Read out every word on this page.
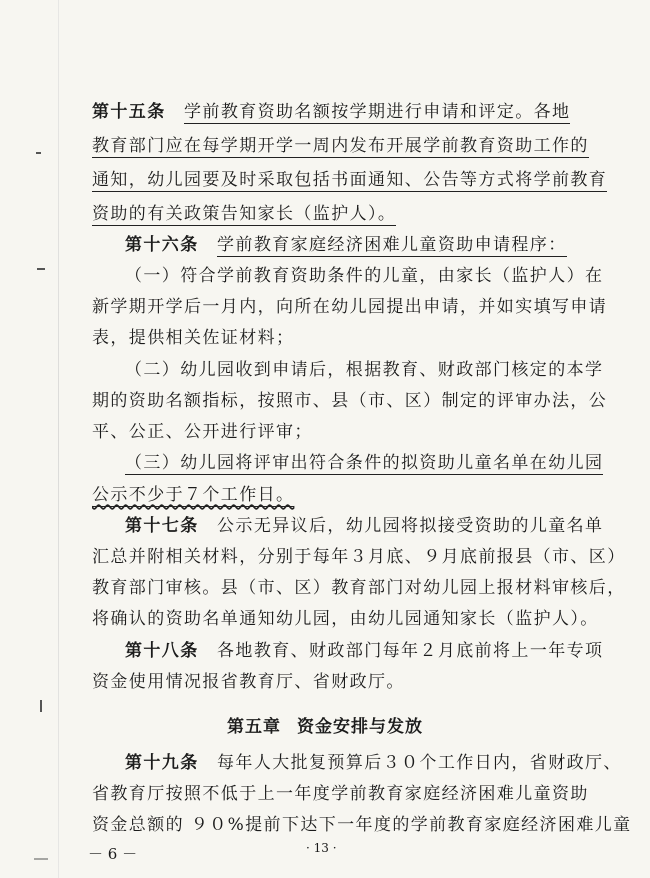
第十五条　 学前教育资助名额按学期进行申请和评定。各地
教育部门应在每学期开学一周内发布开展学前教育资助工作的
通知，幼儿园要及时采取包括书面通知、公告等方式将学前教育
资助的有关政策告知家长（监护人）。
第十六条　 学前教育家庭经济困难儿童资助申请程序：
（一）符合学前教育资助条件的儿童，由家长（监护人）在
新学期开学后一月内，向所在幼儿园提出申请，并如实填写申请
表，提供相关佐证材料；
（二）幼儿园收到申请后，根据教育、财政部门核定的本学
期的资助名额指标，按照市、县（市、区）制定的评审办法，公
平、公正、公开进行评审；
（三）幼儿园将评审出符合条件的拟资助儿童名单在幼儿园
公示不少于７个工作日。
第十七条　 公示无异议后，幼儿园将拟接受资助的儿童名单
汇总并附相关材料，分别于每年３月底、９月底前报县（市、区）
教育部门审核。县（市、区）教育部门对幼儿园上报材料审核后，
将确认的资助名单通知幼儿园，由幼儿园通知家长（监护人）。
第十八条　 各地教育、财政部门每年２月底前将上一年专项
资金使用情况报省教育厅、省财政厅。
第五章 资金安排与发放
第十九条　 每年人大批复预算后３０个工作日内，省财政厅、
省教育厅按照不低于上一年度学前教育家庭经济困难儿童资助
资金总额的 ９０%提前下达下一年度的学前教育家庭经济困难儿童
－ 6 －	· 13 ·
